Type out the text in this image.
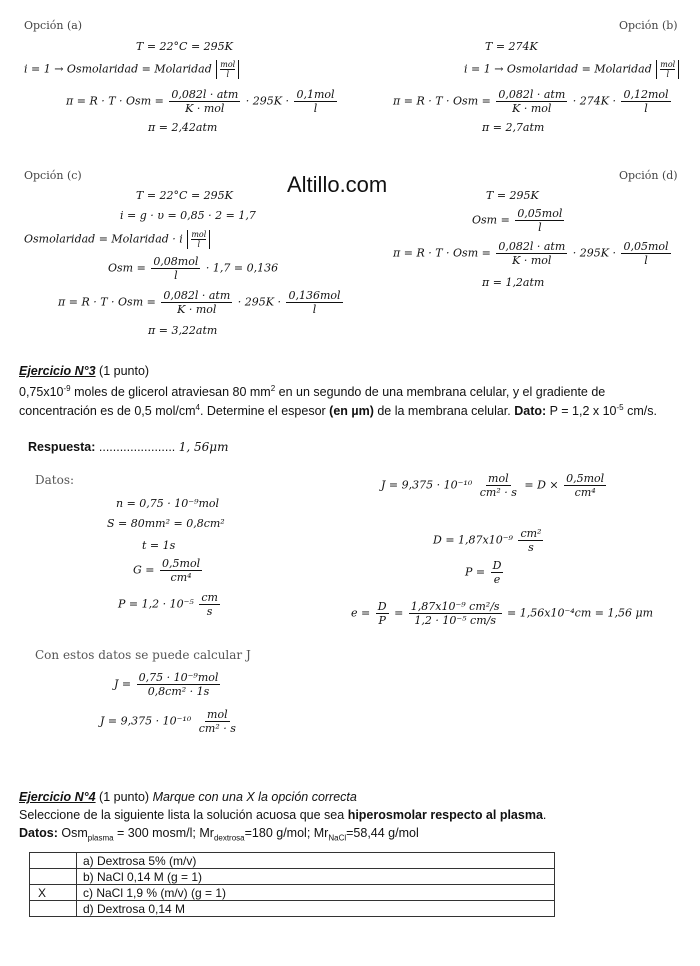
Altillo.com
Opción (a)
T = 22°C = 295K
i = 1 → Osmolaridad = Molaridad mol
l
π = R · T · Osm = $\frac{\text{0,082l · atm}}{\text{K · mol}} \cdot 295K \cdot \frac{\text{0,1mol}}{l}$
π = 2,42atm
Opción (b)
T = 274K
i = 1 → Osmolaridad = Molaridad mol
l
π = R · T · Osm = $\frac{\text{0,082l · atm}}{\text{K · mol}} \cdot 274K \cdot \frac{\text{0,12mol}}{l}$
π = 2,7atm
Opción (c)
T = 22°C = 295K
i = g · υ = 0,85 · 2 = 1,7
Osmolaridad = Molaridad · i mol
l
Osm = $\frac{\text{0,08mol}}{l} \cdot 1,7 = 0,136$
π = R · T · Osm = $\frac{\text{0,082l · atm}}{\text{K · mol}} \cdot 295K \cdot \frac{\text{0,136mol}}{l}$
π = 3,22atm
Opción (d)
T = 295K
Osm = $\frac{\text{0,05mol}}{l}$
π = R · T · Osm = $\frac{\text{0,082l · atm}}{\text{K · mol}} \cdot 295K \cdot \frac{\text{0,05mol}}{l}$
π = 1,2atm
Ejercicio N°3 (1 punto)
$0,75x10^{-9}$ moles de glicerol atraviesan 80 $mm^2$ en un segundo de una membrana celular, y el gradiente de
concentración es de 0,5 mol/$cm^4$. Determine el espesor (en µm) de la membrana celular. Dato: P = 1,2 x $10^{-5}$ cm/s.
Respuesta: ...................... 1, 56μm
Datos:
n = 0,75 · 10⁻⁹mol
S = 80mm² = 0,8cm²
t = 1s
$G = \frac{\text{0,5mol}}{\text{cm⁴}}$
$P = 1,2 \cdot 10^{-5} \frac{cm}{s}$
Con estos datos se puede calcular J
$J = \frac{\text{0,75 · 10⁻⁹mol}}{\text{0,8cm² · 1s}}$
$J = 9,375 \cdot 10^{-10} \frac{\text{mol}}{\text{cm² · s}}$
$J = 9,375 \cdot 10^{-10} \frac{\text{mol}}{\text{cm² · s}} = D \times \frac{\text{0,5mol}}{\text{cm⁴}}$
$D = 1,87x10^{-9} \frac{\text{cm²}}{s}$
$P = \frac{D}{e}$
$e = \frac{D}{P} = \frac{\text{1,87x10⁻⁹ cm²/s}}{\text{1,2 · 10⁻⁵ cm/s}} = 1,56x10^{-4}cm = 1,56$ μm
Ejercicio N°4 (1 punto) Marque con una X la opción correcta
Seleccione de la siguiente lista la solución acuosa que sea hiperosmolar respecto al plasma.
Datos: Osm$_{plasma}$ = 300 mosm/l; $Mr_{dextrosa}=180$ g/mol; $Mr_{NaCl}=58,44$ g/mol
	a) Dextrosa 5% (m/v)
	b) NaCl 0,14 M (g = 1)
X	c) NaCl 1,9 % (m/v) (g = 1)
	d) Dextrosa 0,14 M
